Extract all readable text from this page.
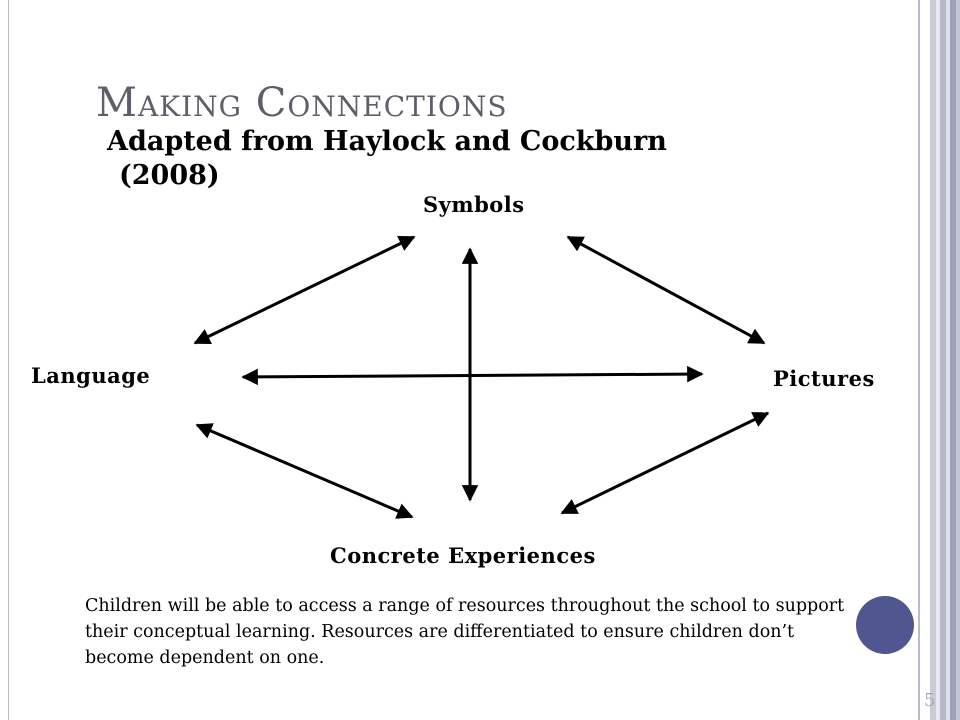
Making Connections
Adapted from Haylock and Cockburn
(2008)
Symbols
Language	Pictures
Concrete Experiences

Children will be able to access a range of resources throughout the school to support their conceptual learning. Resources are differentiated to ensure children don’t become dependent on one.

5
